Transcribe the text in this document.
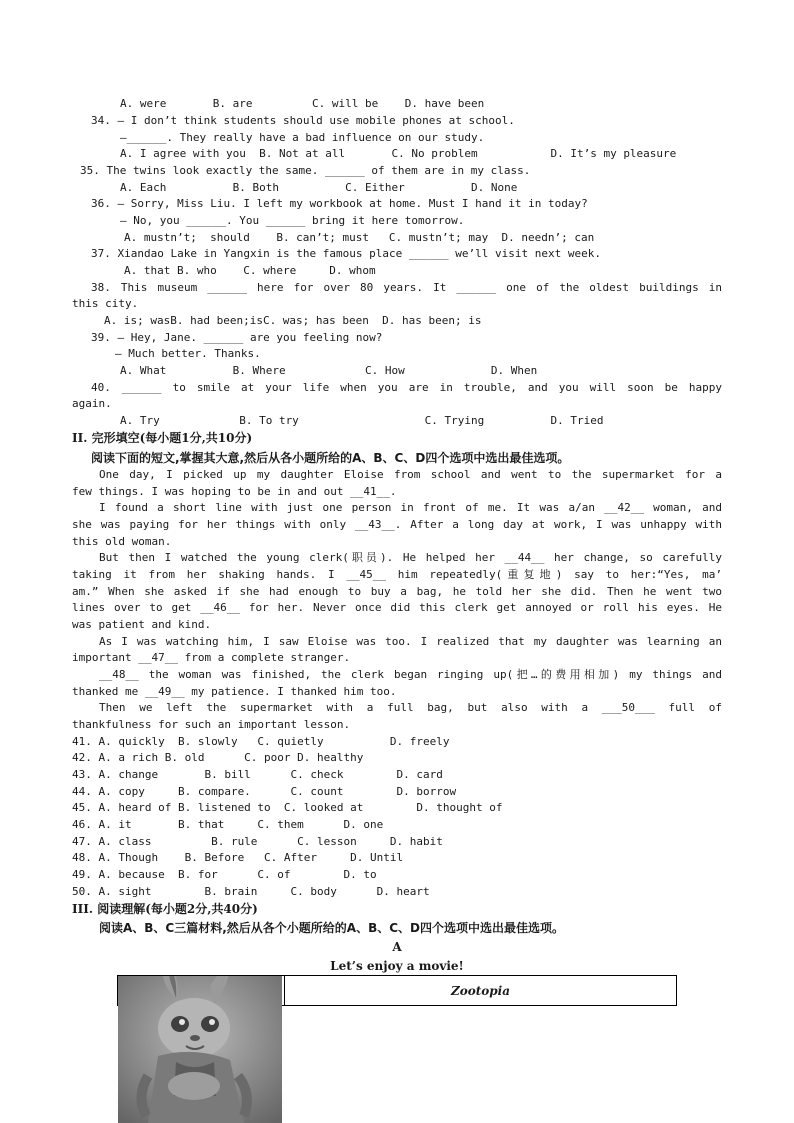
A. were       B. are         C. will be    D. have been
34. — I don’t think students should use mobile phones at school.
—______. They really have a bad influence on our study.
A. I agree with you  B. Not at all       C. No problem           D. It’s my pleasure
35. The twins look exactly the same. ______ of them are in my class.
A. Each          B. Both          C. Either          D. None
36. — Sorry, Miss Liu. I left my workbook at home. Must I hand it in today?
— No, you ______. You ______ bring it here tomorrow.
A. mustn’t;  should    B. can’t; must   C. mustn’t; may  D. needn’; can
37. Xiandao Lake in Yangxin is the famous place ______ we’ll visit next week.
A. that B. who    C. where     D. whom
38. This museum ______ here for over 80 years. It ______ one of the oldest buildings in
this city.
A. is; wasB. had been;isC. was; has been  D. has been; is
39. — Hey, Jane. ______ are you feeling now?
— Much better. Thanks.
A. What          B. Where            C. How             D. When
40. ______ to smile at your life when you are in trouble, and you will soon be happy
again.
A. Try            B. To try                   C. Trying          D. Tried
II. 完形填空(每小题1分,共10分)
阅读下面的短文,掌握其大意,然后从各小题所给的A、B、C、D四个选项中选出最佳选项。
One day, I picked up my daughter Eloise from school and went to the supermarket for a
few things. I was hoping to be in and out __41__.
I found a short line with just one person in front of me. It was a/an __42__ woman, and
she was paying for her things with only __43__. After a long day at work, I was unhappy with
this old woman.
But then I watched the young clerk(职员). He helped her __44__ her change, so carefully
taking it from her shaking hands. I __45__ him repeatedly(重复地) say to her:“Yes, ma’
am.” When she asked if she had enough to buy a bag, he told her she did. Then he went two
lines over to get __46__ for her. Never once did this clerk get annoyed or roll his eyes. He
was patient and kind.
As I was watching him, I saw Eloise was too. I realized that my daughter was learning an
important __47__ from a complete stranger.
__48__ the woman was finished, the clerk began ringing up(把…的费用相加) my things and
thanked me __49__ my patience. I thanked him too.
Then we left the supermarket with a full bag, but also with a ___50___ full of
thankfulness for such an important lesson.
41. A. quickly  B. slowly   C. quietly          D. freely
42. A. a rich B. old      C. poor D. healthy
43. A. change       B. bill      C. check        D. card
44. A. copy     B. compare.      C. count        D. borrow
45. A. heard of B. listened to  C. looked at        D. thought of
46. A. it       B. that     C. them      D. one
47. A. class         B. rule      C. lesson     D. habit
48. A. Though    B. Before   C. After     D. Until
49. A. because  B. for      C. of        D. to
50. A. sight        B. brain     C. body      D. heart
III. 阅读理解(每小题2分,共40分)
阅读A、B、C三篇材料,然后从各个小题所给的A、B、C、D四个选项中选出最佳选项。
A
Let’s enjoy a movie!
Zootopia
